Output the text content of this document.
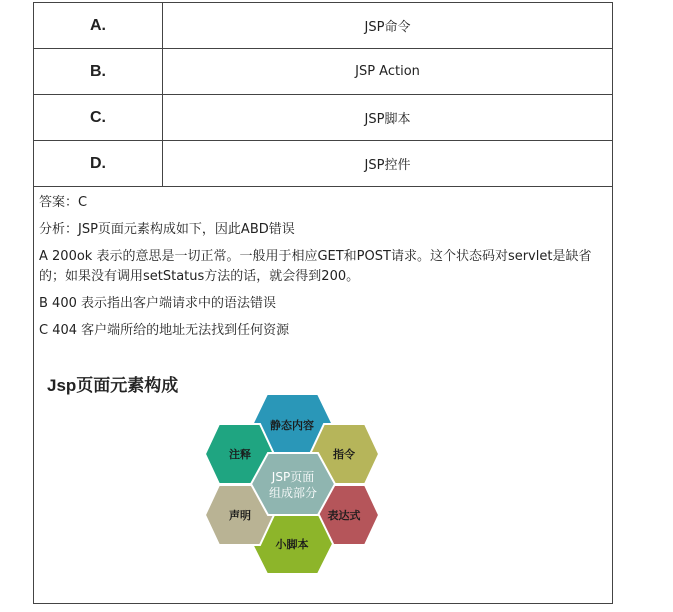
A.	JSP命令
B.	JSP Action
C.	JSP脚本
D.	JSP控件

答案：C

分析：JSP页面元素构成如下，因此ABD错误

A 200ok 表示的意思是一切正常。一般用于相应GET和POST请求。这个状态码对servlet是缺省的；如果没有调用setStatus方法的话，就会得到200。

B 400 表示指出客户端请求中的语法错误

C 404 客户端所给的地址无法找到任何资源

Jsp页面元素构成
静态内容
指令
表达式
小脚本
声明
注释
JSP页面
组成部分
